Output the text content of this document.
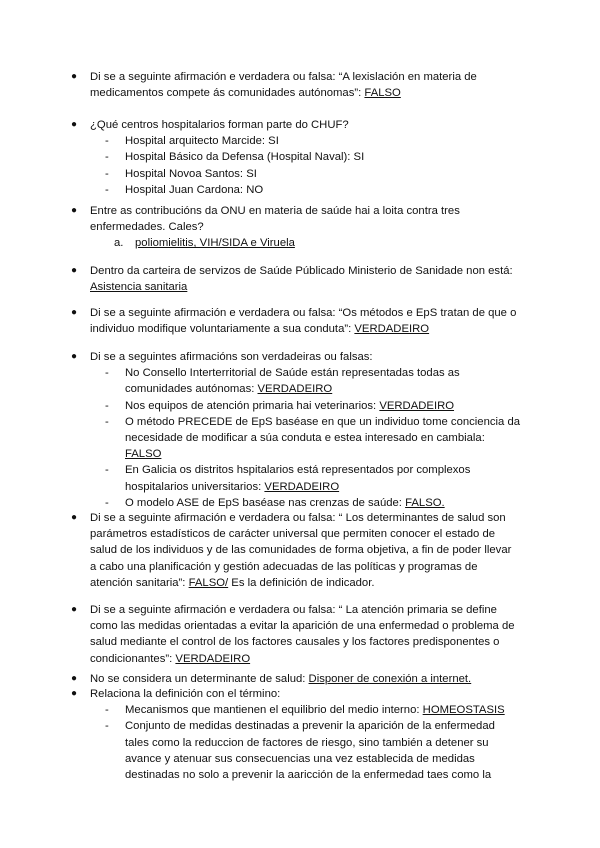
● Di se a seguinte afirmación e verdadera ou falsa: “A lexislación en materia de medicamentos compete ás comunidades autónomas”: FALSO
● ¿Qué centros hospitalarios forman parte do CHUF?
- Hospital arquitecto Marcide: SI
- Hospital Básico da Defensa (Hospital Naval): SI
- Hospital Novoa Santos: SI
- Hospital Juan Cardona: NO
● Entre as contribucións da ONU en materia de saúde hai a loita contra tres enfermedades. Cales?
a. poliomielitis, VIH/SIDA e Viruela
● Dentro da carteira de servizos de Saúde Públicado Ministerio de Sanidade non está: Asistencia sanitaria
● Di se a seguinte afirmación e verdadera ou falsa: “Os métodos e EpS tratan de que o individuo modifique voluntariamente a sua conduta”: VERDADEIRO
● Di se a seguintes afirmacións son verdadeiras ou falsas:
- No Consello Interterritorial de Saúde están representadas todas as comunidades autónomas: VERDADEIRO
- Nos equipos de atención primaria hai veterinarios: VERDADEIRO
- O método PRECEDE de EpS baséase en que un individuo tome conciencia da necesidade de modificar a súa conduta e estea interesado en cambiala: FALSO
- En Galicia os distritos hspitalarios está representados por complexos hospitalarios universitarios: VERDADEIRO
- O modelo ASE de EpS baséase nas crenzas de saúde: FALSO.
● Di se a seguinte afirmación e verdadera ou falsa: “ Los determinantes de salud son parámetros estadísticos de carácter universal que permiten conocer el estado de salud de los individuos y de las comunidades de forma objetiva, a fin de poder llevar a cabo una planificación y gestión adecuadas de las políticas y programas de atención sanitaria”: FALSO/ Es la definición de indicador.
● Di se a seguinte afirmación e verdadera ou falsa: “ La atención primaria se define como las medidas orientadas a evitar la aparición de una enfermedad o problema de salud mediante el control de los factores causales y los factores predisponentes o condicionantes”: VERDADEIRO
● No se considera un determinante de salud: Disponer de conexión a internet.
● Relaciona la definición con el término:
- Mecanismos que mantienen el equilibrio del medio interno: HOMEOSTASIS
- Conjunto de medidas destinadas a prevenir la aparición de la enfermedad tales como la reduccion de factores de riesgo, sino también a detener su avance y atenuar sus consecuencias una vez establecida de medidas destinadas no solo a prevenir la aaricción de la enfermedad taes como la
